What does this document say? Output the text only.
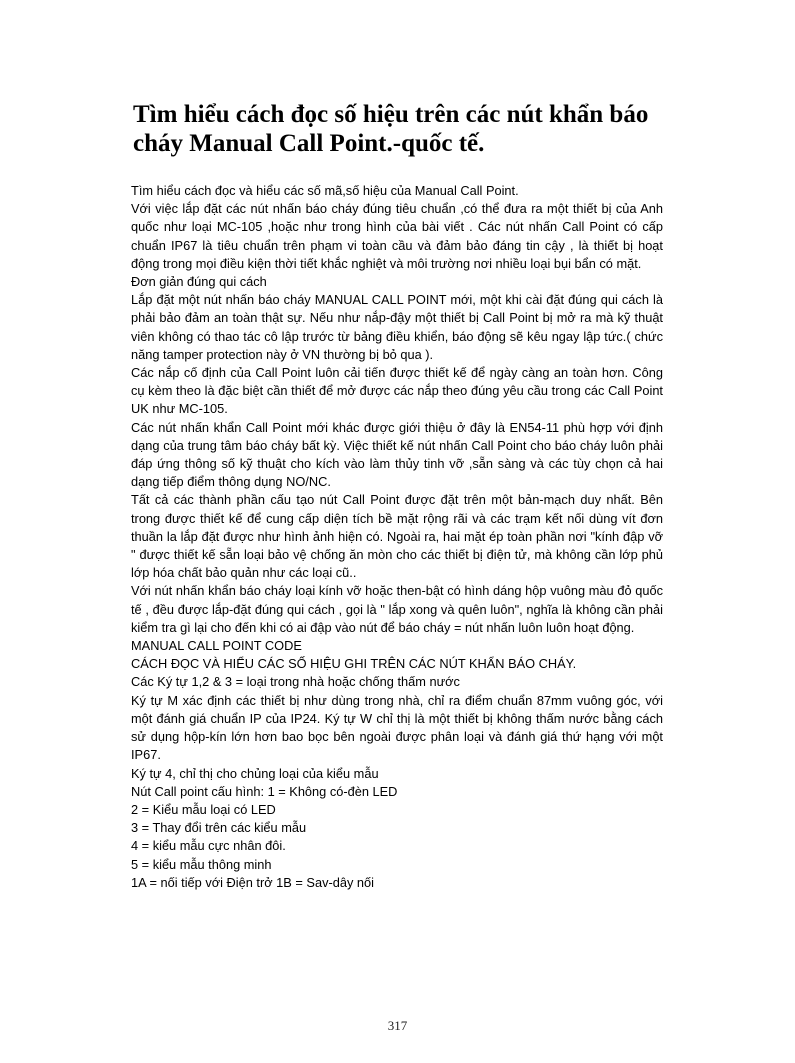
Tìm hiểu cách đọc số hiệu trên các nút khẩn báo cháy Manual Call Point.-quốc tế.

Tìm hiểu cách đọc và hiểu các số mã,số hiệu của Manual Call Point.

Với việc lắp đặt các nút nhấn báo cháy đúng tiêu chuẩn ,có thể đưa ra một thiết bị của Anh quốc như loại MC-105 ,hoặc như trong hình của bài viết . Các nút nhấn Call Point có cấp chuẩn IP67 là tiêu chuẩn trên phạm vi toàn cầu và đảm bảo đáng tin cậy , là thiết bị hoạt động trong mọi điều kiện thời tiết khắc nghiệt và môi trường nơi nhiều loại bụi bẩn có mặt.

Đơn giản đúng qui cách

Lắp đặt một nút nhấn báo cháy MANUAL CALL POINT mới, một khi cài đặt đúng qui cách là phải bảo đảm an toàn thật sự. Nếu như nắp-đậy một thiết bị Call Point bị mở ra mà kỹ thuật viên không có thao tác cô lập trước từ bảng điều khiển, báo động sẽ kêu ngay lập tức.( chức năng tamper protection này ở VN thường bị bỏ qua ).

Các nắp cố định của Call Point luôn cải tiến được thiết kế để ngày càng an toàn hơn. Công cụ kèm theo là đặc biệt cần thiết để mở được các nắp theo đúng yêu cầu trong các Call Point UK như MC-105.

Các nút nhấn khẩn Call Point mới khác được giới thiệu ở đây là EN54-11 phù hợp với định dạng của trung tâm báo cháy bất kỳ. Việc thiết kế nút nhấn Call Point cho báo cháy luôn phải đáp ứng thông số kỹ thuật cho kích vào làm thủy tinh vỡ ,sẵn sàng và các tùy chọn cả hai dạng tiếp điểm thông dụng NO/NC.

Tất cả các thành phần cấu tạo nút Call Point được đặt trên một bản-mạch duy nhất. Bên trong được thiết kế để cung cấp diện tích bề mặt rộng rãi và các trạm kết nối dùng vít đơn thuần la lắp đặt được như hình ảnh hiện có. Ngoài ra, hai mặt ép toàn phần nơi "kính đập vỡ " được thiết kế sẵn loại bảo vệ chống ăn mòn cho các thiết bị điện tử, mà không cần lớp phủ lớp hóa chất bảo quản như các loại cũ..

Với nút nhấn khẩn báo cháy loại kính vỡ hoặc then-bật có hình dáng hộp vuông màu đỏ quốc tế , đều được lắp-đặt đúng qui cách , gọi là " lắp xong và quên luôn", nghĩa là không cần phải kiểm tra gì lại cho đến khi có ai đập vào nút để báo cháy = nút nhấn luôn luôn hoạt động.

MANUAL CALL POINT CODE

CÁCH ĐỌC VÀ HIỂU CÁC SỐ HIỆU GHI TRÊN CÁC NÚT KHẨN BÁO CHÁY.

Các Ký tự 1,2 & 3 = loại trong nhà hoặc chống thấm nước

Ký tự M xác định các thiết bị như dùng trong nhà, chỉ ra điểm chuẩn 87mm vuông góc, với một đánh giá chuẩn IP của IP24. Ký tự W chỉ thị là một thiết bị không thấm nước bằng cách sử dụng hộp-kín lớn hơn bao bọc bên ngoài được phân loại và đánh giá thứ hạng với một IP67.

Ký tự 4, chỉ thị cho chủng loại của kiểu mẫu

Nút Call point cấu hình: 1 = Không có-đèn LED

2 = Kiểu mẫu loại có LED

3 = Thay đổi trên các kiểu mẫu

4 = kiểu mẫu cực nhân đôi.

5 = kiểu mẫu thông minh

1A = nối tiếp với Điện trở 1B = Sav-dây nối

317
